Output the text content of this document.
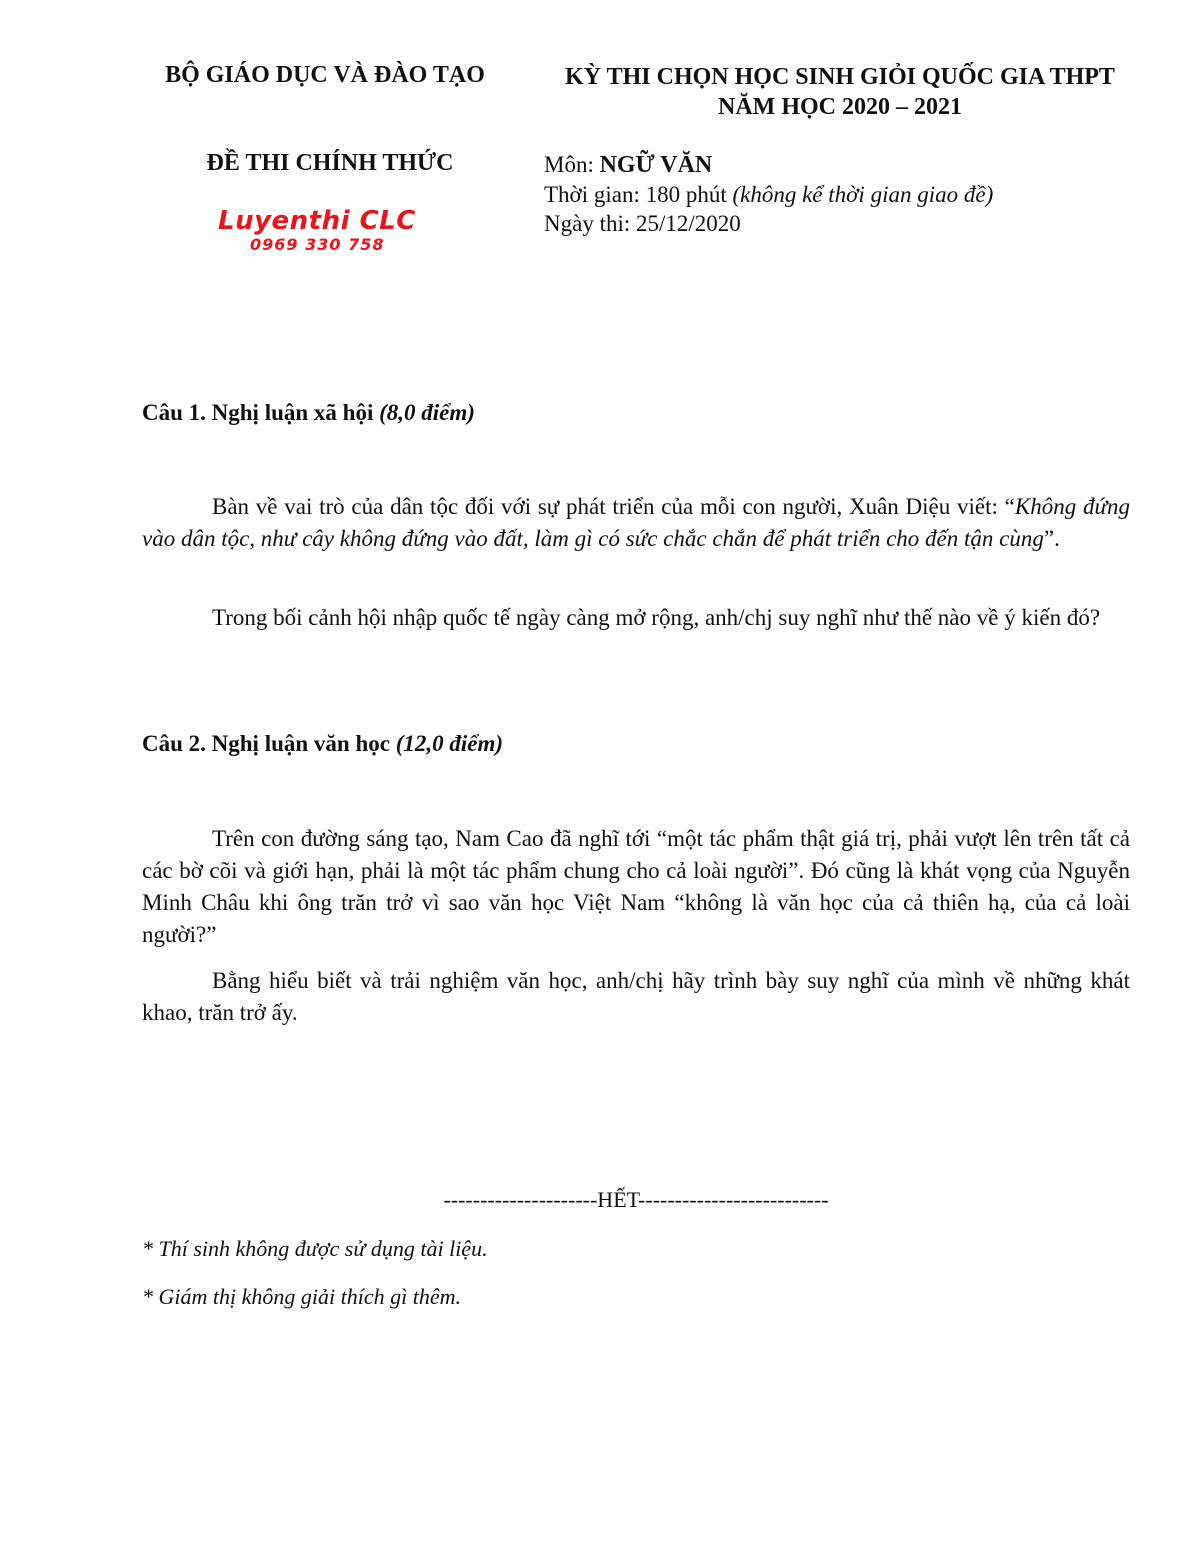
BỘ GIÁO DỤC VÀ ĐÀO TẠO	KỲ THI CHỌN HỌC SINH GIỎI QUỐC GIA THPT
NĂM HỌC 2020 – 2021
ĐỀ THI CHÍNH THỨC	Môn: NGỮ VĂN
Thời gian: 180 phút (không kể thời gian giao đề)
Ngày thi: 25/12/2020
Luyenthi CLC
0969 330 758
Câu 1. Nghị luận xã hội (8,0 điểm)
Bàn về vai trò của dân tộc đối với sự phát triển của mỗi con người, Xuân Diệu viết: “Không đứng vào dân tộc, như cây không đứng vào đất, làm gì có sức chắc chắn để phát triển cho đến tận cùng”.
Trong bối cảnh hội nhập quốc tế ngày càng mở rộng, anh/chj suy nghĩ như thế nào về ý kiến đó?
Câu 2. Nghị luận văn học (12,0 điểm)
Trên con đường sáng tạo, Nam Cao đã nghĩ tới “một tác phẩm thật giá trị, phải vượt lên trên tất cả các bờ cõi và giới hạn, phải là một tác phẩm chung cho cả loài người”. Đó cũng là khát vọng của Nguyễn Minh Châu khi ông trăn trở vì sao văn học Việt Nam “không là văn học của cả thiên hạ, của cả loài người?”
Bằng hiểu biết và trải nghiệm văn học, anh/chị hãy trình bày suy nghĩ của mình về những khát khao, trăn trở ấy.
---------------------HẾT--------------------------
* Thí sinh không được sử dụng tài liệu.
* Giám thị không giải thích gì thêm.
